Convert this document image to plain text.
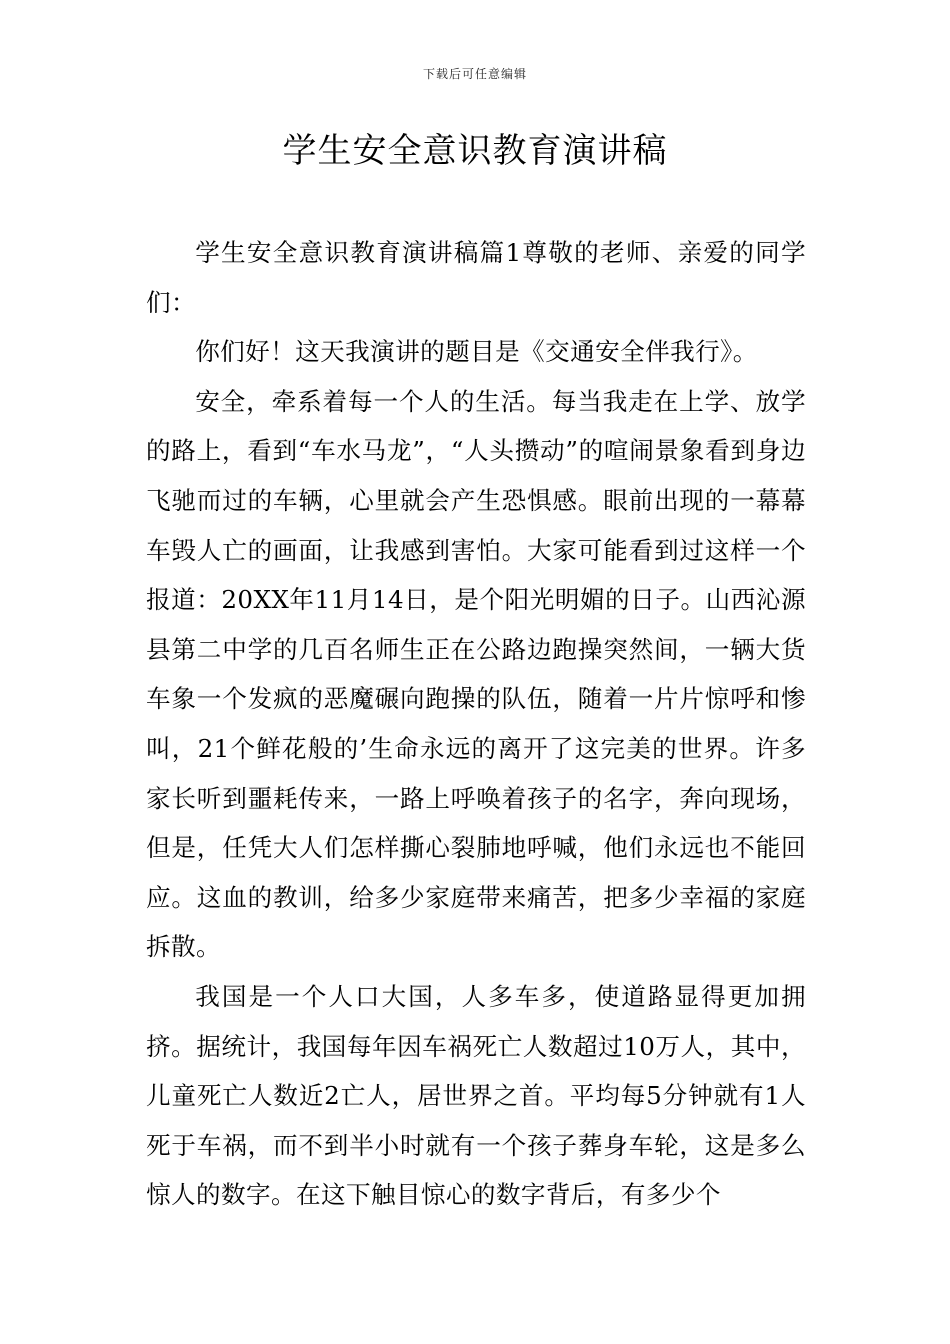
下载后可任意编辑
学生安全意识教育演讲稿

学生安全意识教育演讲稿篇1尊敬的老师、亲爱的同学们：

你们好！这天我演讲的题目是《交通安全伴我行》。

安全，牵系着每一个人的生活。每当我走在上学、放学的路上，看到“车水马龙”，“人头攒动”的喧闹景象看到身边飞驰而过的车辆，心里就会产生恐惧感。眼前出现的一幕幕车毁人亡的画面，让我感到害怕。大家可能看到过这样一个报道：20XX年11月14日，是个阳光明媚的日子。山西沁源县第二中学的几百名师生正在公路边跑操突然间，一辆大货车象一个发疯的恶魔碾向跑操的队伍，随着一片片惊呼和惨叫，21个鲜花般的’生命永远的离开了这完美的世界。许多家长听到噩耗传来，一路上呼唤着孩子的名字，奔向现场，但是，任凭大人们怎样撕心裂肺地呼喊，他们永远也不能回应。这血的教训，给多少家庭带来痛苦，把多少幸福的家庭拆散。

我国是一个人口大国，人多车多，使道路显得更加拥挤。据统计，我国每年因车祸死亡人数超过10万人，其中，儿童死亡人数近2亡人，居世界之首。平均每5分钟就有1人死于车祸，而不到半小时就有一个孩子葬身车轮，这是多么惊人的数字。在这下触目惊心的数字背后，有多少个
